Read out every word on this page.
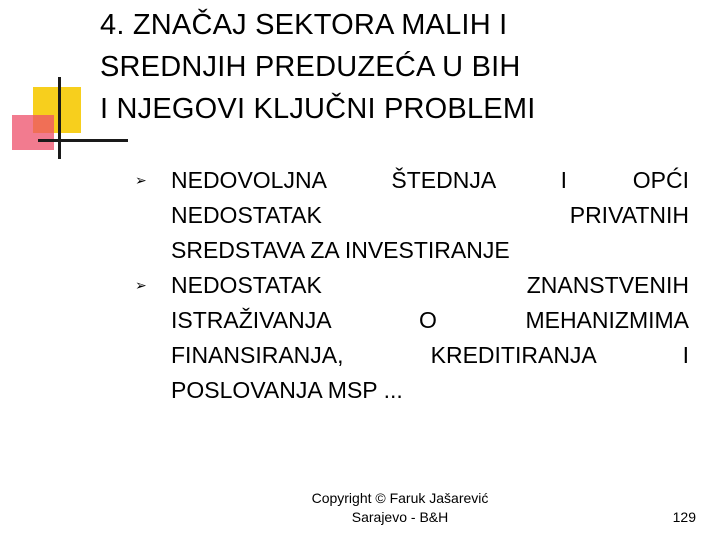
4. ZNAČAJ SEKTORA MALIH I
SREDNJIH PREDUZEĆA U BIH
I NJEGOVI KLJUČNI PROBLEMI
➢ NEDOVOLJNA ŠTEDNJA I OPĆI
NEDOSTATAK PRIVATNIH
SREDSTAVA ZA INVESTIRANJE
➢ NEDOSTATAK ZNANSTVENIH
ISTRAŽIVANJA O MEHANIZMIMA
FINANSIRANJA, KREDITIRANJA I
POSLOVANJA MSP ...
Copyright © Faruk Jašarević
Sarajevo - B&H	129
